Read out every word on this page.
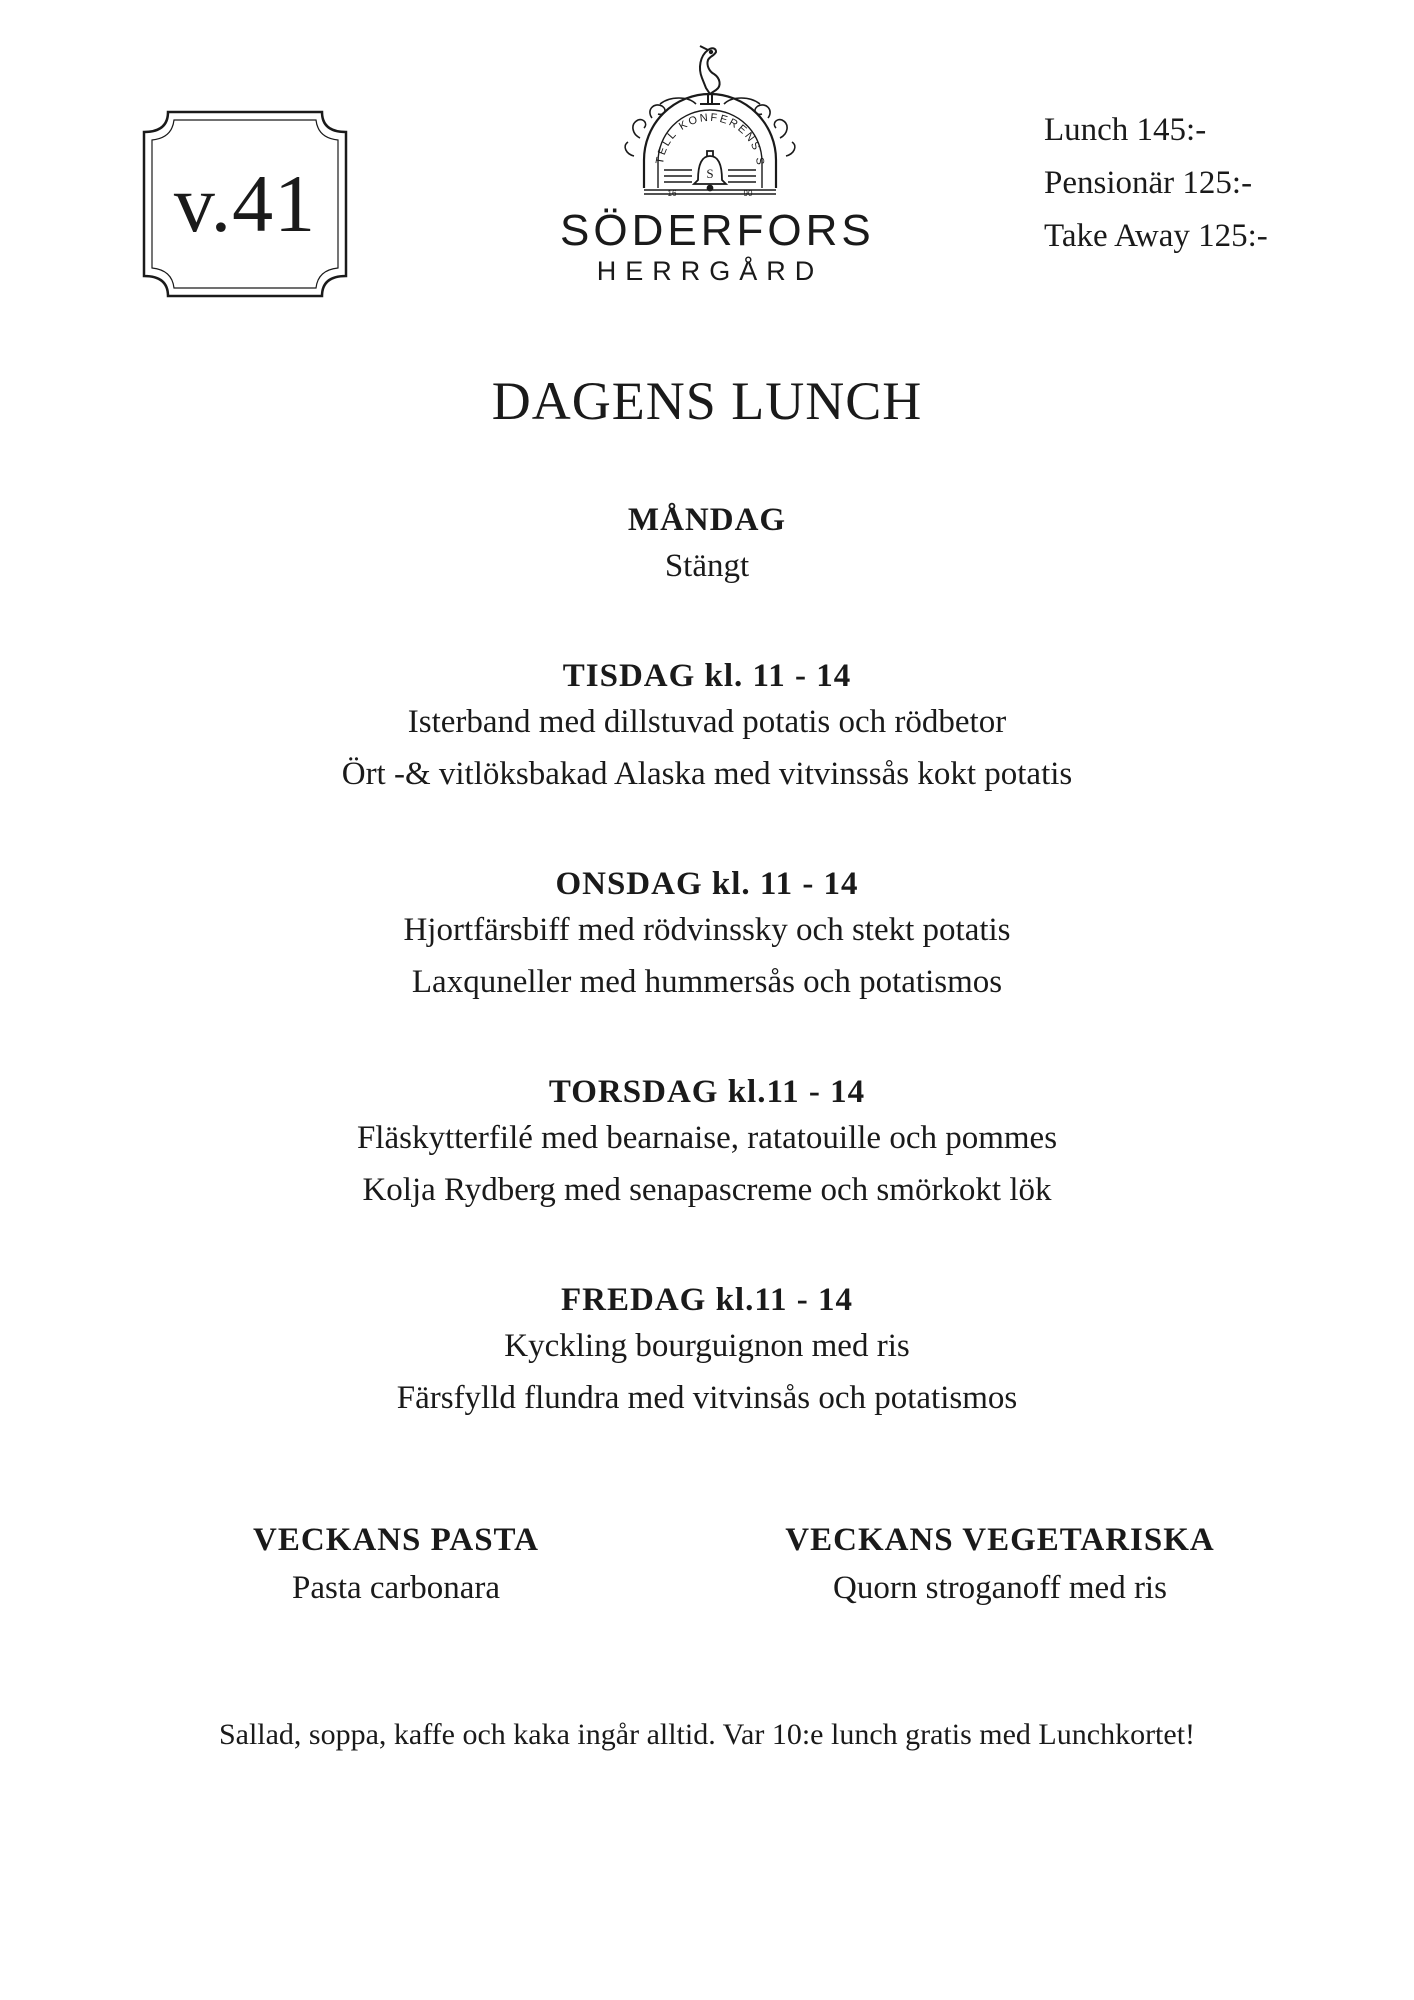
v.41	TELL KONFERENS S
S
16	90
SÖDERFORS
HERRGÅRD
Lunch 145:-
Pensionär 125:-
Take Away 125:-
DAGENS LUNCH
MÅNDAG
Stängt
TISDAG kl. 11 - 14
Isterband med dillstuvad potatis och rödbetor
Ört -& vitlöksbakad Alaska med vitvinssås kokt potatis
ONSDAG kl. 11 - 14
Hjortfärsbiff med rödvinssky och stekt potatis
Laxquneller med hummersås och potatismos
TORSDAG kl.11 - 14
Fläskytterfilé med bearnaise, ratatouille och pommes
Kolja Rydberg med senapascreme och smörkokt lök
FREDAG kl.11 - 14
Kyckling bourguignon med ris
Färsfylld flundra med vitvinsås och potatismos
VECKANS PASTA
Pasta carbonara
VECKANS VEGETARISKA
Quorn stroganoff med ris
Sallad, soppa, kaffe och kaka ingår alltid. Var 10:e lunch gratis med Lunchkortet!
